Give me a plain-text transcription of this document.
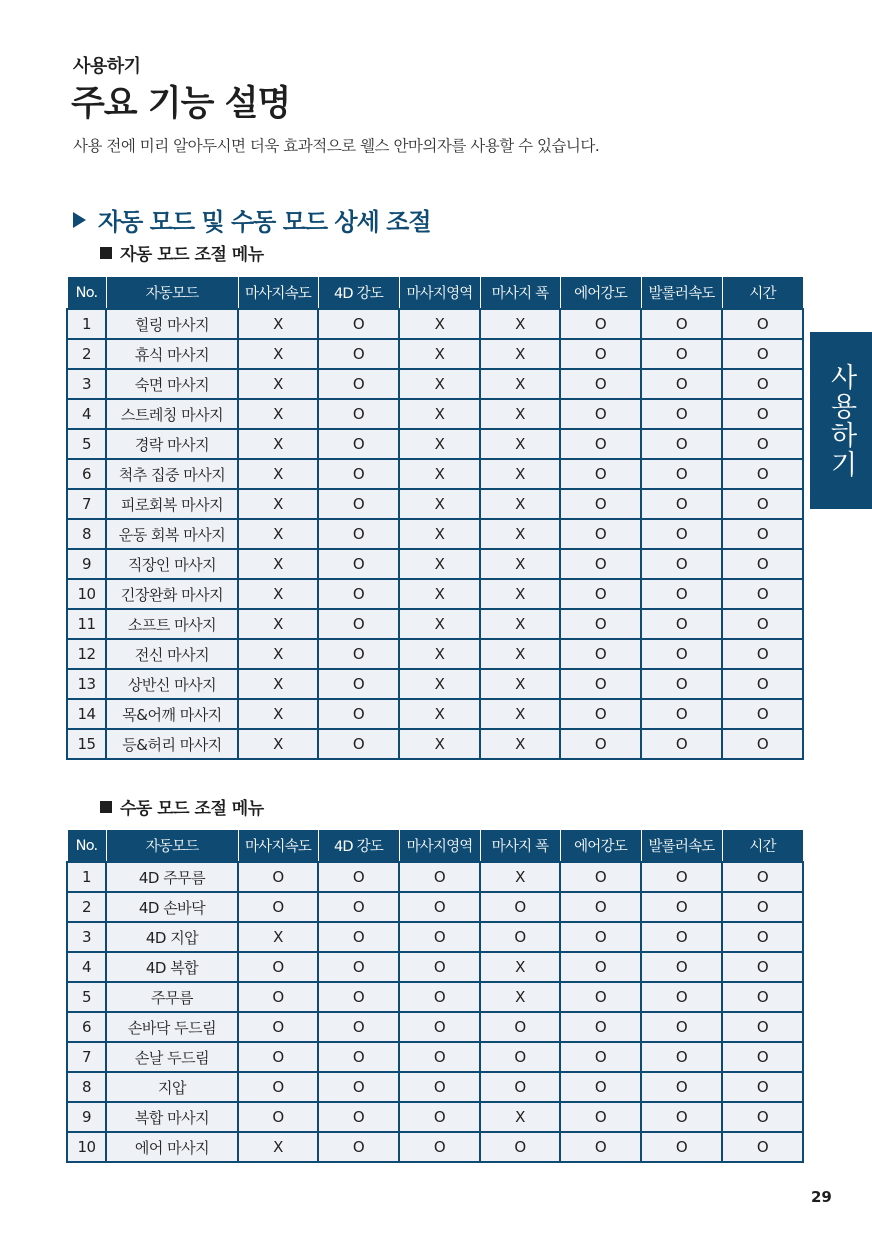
사용하기
주요 기능 설명
사용 전에 미리 알아두시면 더욱 효과적으로 웰스 안마의자를 사용할 수 있습니다.
자동 모드 및 수동 모드 상세 조절
자동 모드 조절 메뉴
No.	자동모드	마사지속도	4D 강도	마사지영역	마사지 폭	에어강도	발롤러속도	시간
1	힐링 마사지	X	O	X	X	O	O	O
2	휴식 마사지	X	O	X	X	O	O	O
3	숙면 마사지	X	O	X	X	O	O	O
4	스트레칭 마사지	X	O	X	X	O	O	O
5	경락 마사지	X	O	X	X	O	O	O
6	척추 집중 마사지	X	O	X	X	O	O	O
7	피로회복 마사지	X	O	X	X	O	O	O
8	운동 회복 마사지	X	O	X	X	O	O	O
9	직장인 마사지	X	O	X	X	O	O	O
10	긴장완화 마사지	X	O	X	X	O	O	O
11	소프트 마사지	X	O	X	X	O	O	O
12	전신 마사지	X	O	X	X	O	O	O
13	상반신 마사지	X	O	X	X	O	O	O
14	목&어깨 마사지	X	O	X	X	O	O	O
15	등&허리 마사지	X	O	X	X	O	O	O
수동 모드 조절 메뉴
No.	자동모드	마사지속도	4D 강도	마사지영역	마사지 폭	에어강도	발롤러속도	시간
1	4D 주무름	O	O	O	X	O	O	O
2	4D 손바닥	O	O	O	O	O	O	O
3	4D 지압	X	O	O	O	O	O	O
4	4D 복합	O	O	O	X	O	O	O
5	주무름	O	O	O	X	O	O	O
6	손바닥 두드림	O	O	O	O	O	O	O
7	손날 두드림	O	O	O	O	O	O	O
8	지압	O	O	O	O	O	O	O
9	복합 마사지	O	O	O	X	O	O	O
10	에어 마사지	X	O	O	O	O	O	O
사용하기
29
